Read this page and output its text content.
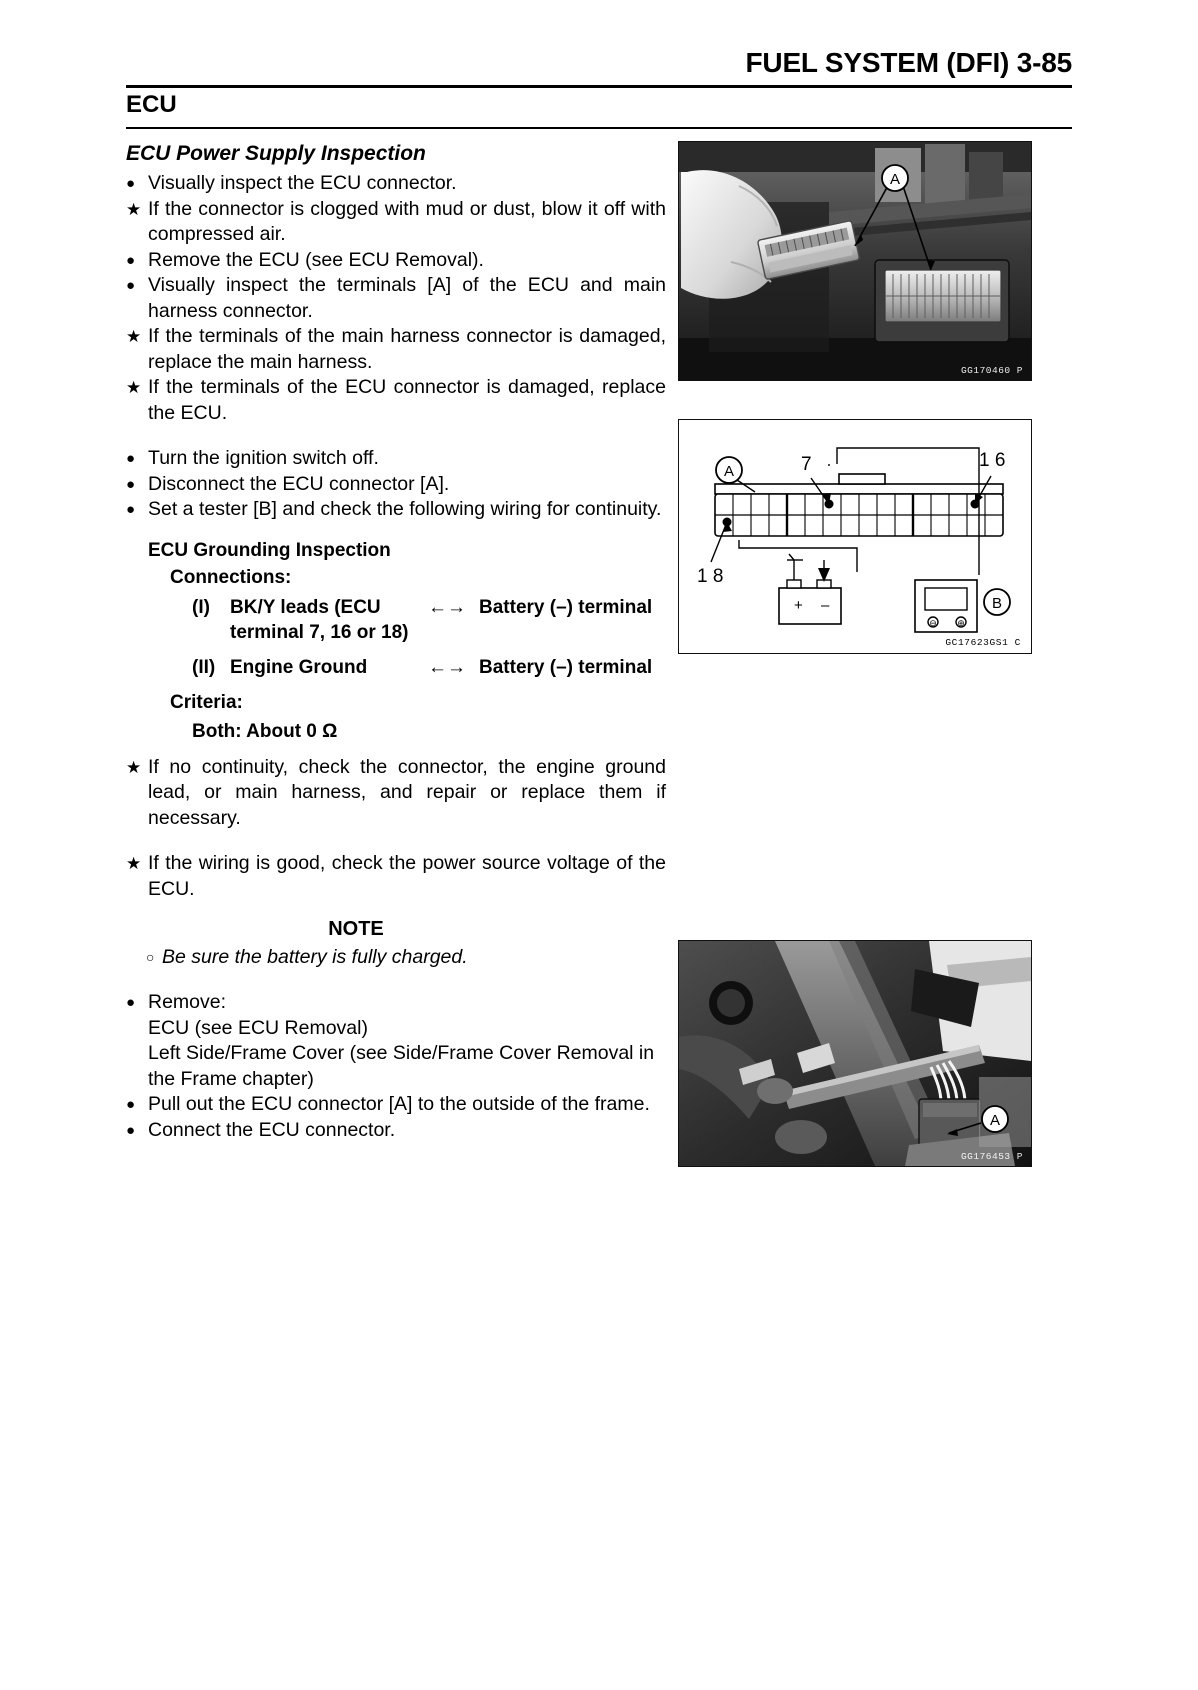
FUEL SYSTEM (DFI) 3-85
ECU
ECU Power Supply Inspection
● Visually inspect the ECU connector.
★ If the connector is clogged with mud or dust, blow it off with compressed air.
● Remove the ECU (see ECU Removal).
● Visually inspect the terminals [A] of the ECU and main harness connector.
★ If the terminals of the main harness connector is damaged, replace the main harness.
★ If the terminals of the ECU connector is damaged, replace the ECU.
● Turn the ignition switch off.
● Disconnect the ECU connector [A].
● Set a tester [B] and check the following wiring for continuity.
ECU Grounding Inspection
Connections:
(I)	BK/Y leads (ECU terminal 7, 16 or 18)	←→	Battery (–) terminal
(II)	Engine Ground	←→	Battery (–) terminal
Criteria:
Both: About 0 Ω
★ If no continuity, check the connector, the engine ground lead, or main harness, and repair or replace them if necessary.
★ If the wiring is good, check the power source voltage of the ECU.
NOTE
○ Be sure the battery is fully charged.
● Remove:
ECU (see ECU Removal)
Left Side/Frame Cover (see Side/Frame Cover Removal in the Frame chapter)
● Pull out the ECU connector [A] to the outside of the frame.
● Connect the ECU connector.
A
GG170460 P
7	1 6
1 8
A
+ –
⊖ ⊕
B
GC17623GS1 C
A
GG176453 P
